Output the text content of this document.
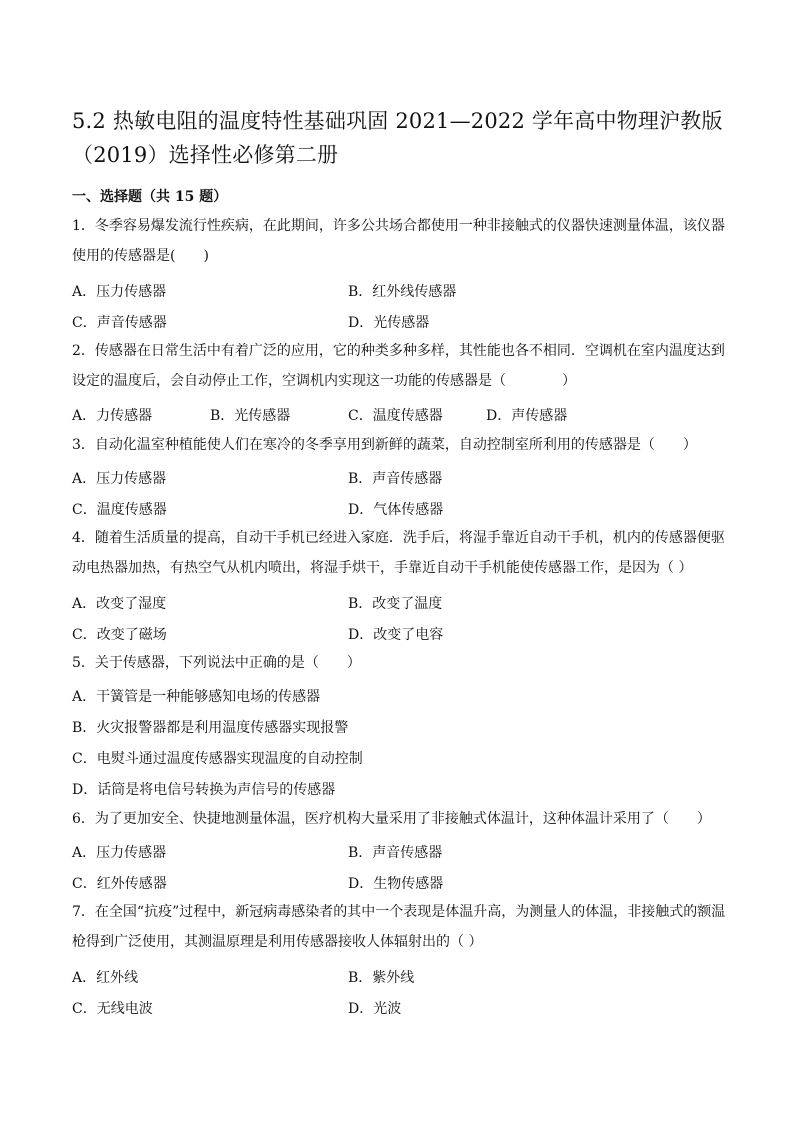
5.2 热敏电阻的温度特性基础巩固 2021—2022 学年高中物理沪教版（2019）选择性必修第二册
一、选择题（共 15 题）
1．冬季容易爆发流行性疾病，在此期间，许多公共场合都使用一种非接触式的仪器快速测量体温，该仪器使用的传感器是(　　)
A．压力传感器	B．红外线传感器
C．声音传感器	D．光传感器
2．传感器在日常生活中有着广泛的应用，它的种类多种多样，其性能也各不相同．空调机在室内温度达到设定的温度后，会自动停止工作，空调机内实现这一功能的传感器是（　　　　）
A．力传感器	B．光传感器	C．温度传感器	D．声传感器
3．自动化温室种植能使人们在寒冷的冬季享用到新鲜的蔬菜，自动控制室所利用的传感器是（　　）
A．压力传感器	B．声音传感器
C．温度传感器	D．气体传感器
4．随着生活质量的提高，自动干手机已经进入家庭．洗手后，将湿手靠近自动干手机，机内的传感器便驱动电热器加热，有热空气从机内喷出，将湿手烘干，手靠近自动干手机能使传感器工作，是因为（ ）
A．改变了湿度	B．改变了温度
C．改变了磁场	D．改变了电容
5．关于传感器，下列说法中正确的是（　　）
A．干簧管是一种能够感知电场的传感器
B．火灾报警器都是利用温度传感器实现报警
C．电熨斗通过温度传感器实现温度的自动控制
D．话筒是将电信号转换为声信号的传感器
6．为了更加安全、快捷地测量体温，医疗机构大量采用了非接触式体温计，这种体温计采用了（　　）
A．压力传感器	B．声音传感器
C．红外传感器	D．生物传感器
7．在全国“抗疫”过程中，新冠病毒感染者的其中一个表现是体温升高，为测量人的体温，非接触式的额温枪得到广泛使用，其测温原理是利用传感器接收人体辐射出的（ ）
A．红外线	B．紫外线
C．无线电波	D．光波
